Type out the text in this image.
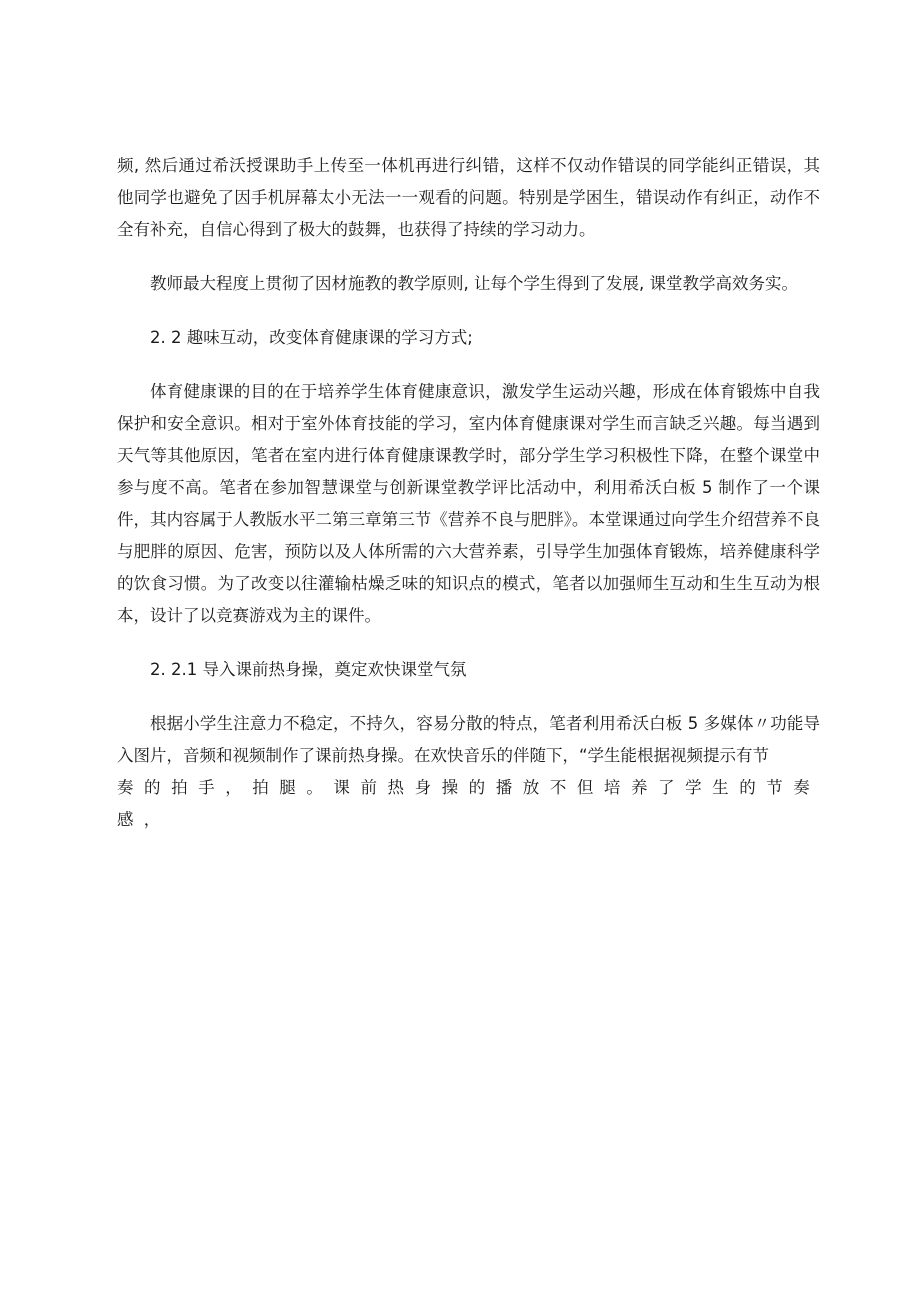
频, 然后通过希沃授课助手上传至一体机再进行纠错，这样不仅动作错误的同学能纠正错误，其他同学也避免了因手机屏幕太小无法一一观看的问题。特别是学困生，错误动作有纠正，动作不全有补充，自信心得到了极大的鼓舞，也获得了持续的学习动力。

教师最大程度上贯彻了因材施教的教学原则, 让每个学生得到了发展, 课堂教学高效务实。

2. 2 趣味互动，改变体育健康课的学习方式;

体育健康课的目的在于培养学生体育健康意识，激发学生运动兴趣，形成在体育锻炼中自我保护和安全意识。相对于室外体育技能的学习，室内体育健康课对学生而言缺乏兴趣。每当遇到天气等其他原因，笔者在室内进行体育健康课教学时，部分学生学习积极性下降，在整个课堂中参与度不高。笔者在参加智慧课堂与创新课堂教学评比活动中，利用希沃白板 5 制作了一个课件，其内容属于人教版水平二第三章第三节《营养不良与肥胖》。本堂课通过向学生介绍营养不良与肥胖的原因、危害，预防以及人体所需的六大营养素，引导学生加强体育锻炼，培养健康科学的饮食习惯。为了改变以往灌输枯燥乏味的知识点的模式，笔者以加强师生互动和生生互动为根本，设计了以竞赛游戏为主的课件。

2. 2.1 导入课前热身操，奠定欢快课堂气氛

根据小学生注意力不稳定，不持久，容易分散的特点，笔者利用希沃白板 5 多媒体〃功能导入图片，音频和视频制作了课前热身操。在欢快音乐的伴随下，“学生能根据视频提示有节

奏的拍手，拍腿。课前热身操的播放不但培养了学生的节奏感，
